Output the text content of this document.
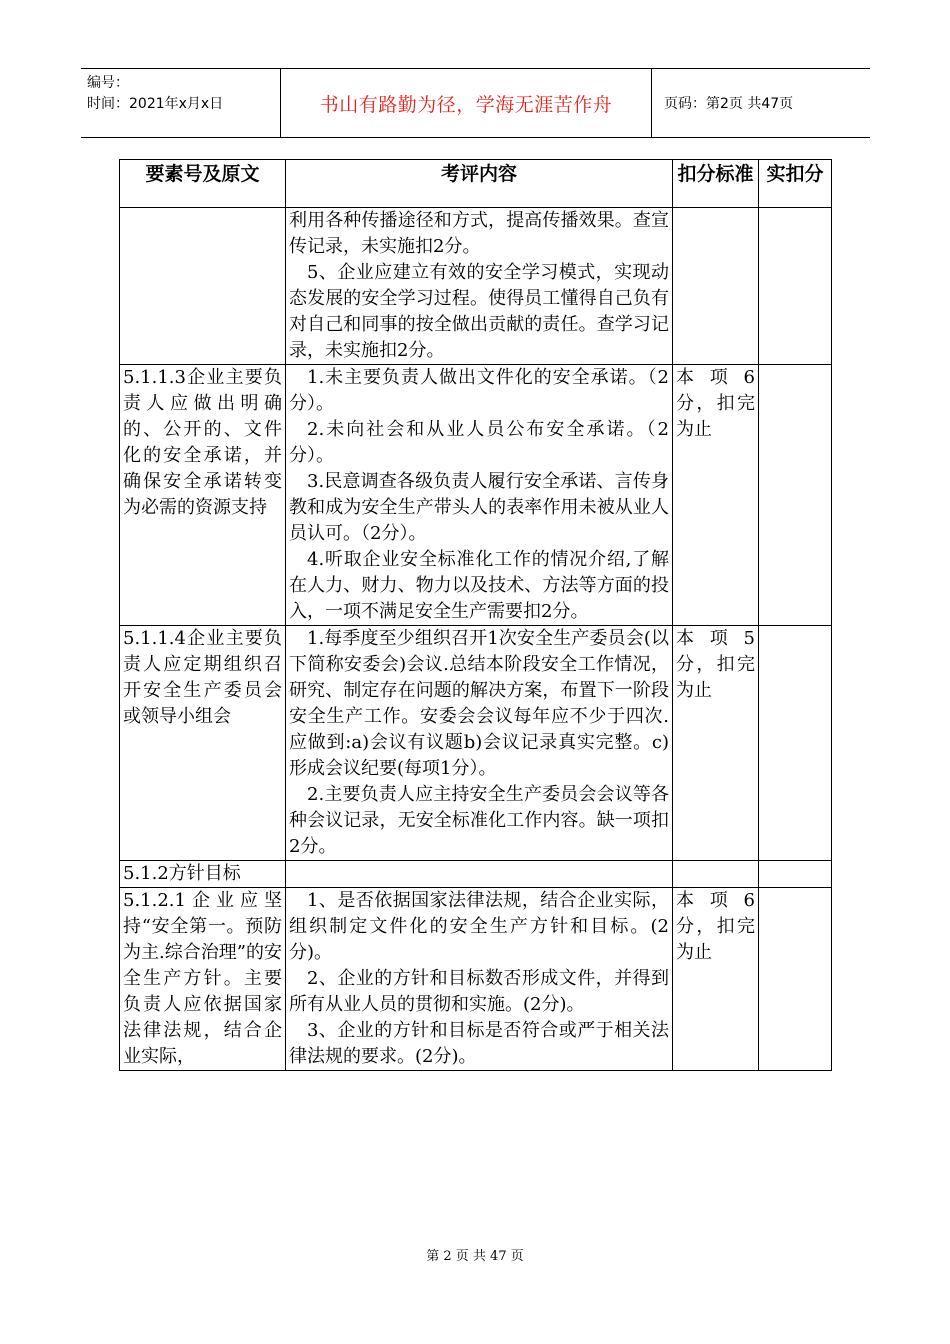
编号：
时间：2021年x月x日	书山有路勤为径，学海无涯苦作舟	页码：第2页 共47页
要素号及原文	考评内容	扣分标准	实扣分

	利用各种传播途径和方式，提高传播效果。查宣传记录，未实施扣2分。

5、企业应建立有效的安全学习模式，实现动态发展的安全学习过程。使得员工懂得自己负有对自己和同事的按全做出贡献的责任。查学习记录，未实施扣2分。		

5.1.1.3企业主要负责人应做出明确的、公开的、文件化的安全承诺，并确保安全承诺转变为必需的资源支持	1.未主要负责人做出文件化的安全承诺。（2分）。

2.未向社会和从业人员公布安全承诺。（2分）。

3.民意调查各级负责人履行安全承诺、言传身教和成为安全生产带头人的表率作用未被从业人员认可。（2分）。

4.听取企业安全标准化工作的情况介绍,了解在人力、财力、物力以及技术、方法等方面的投入，一项不满足安全生产需要扣2分。	本项6分，扣完为止	
5.1.1.4企业主要负责人应定期组织召开安全生产委员会或领导小组会	1.每季度至少组织召开1次安全生产委员会(以下简称安委会)会议.总结本阶段安全工作情况，研究、制定存在问题的解决方案，布置下一阶段安全生产工作。安委会会议每年应不少于四次.应做到:a)会议有议题b)会议记录真实完整。c)形成会议纪要(每项1分）。

2.主要负责人应主持安全生产委员会会议等各种会议记录，无安全标准化工作内容。缺一项扣2分。	本项5分，扣完为止	
5.1.2方针目标			
5.1.2.1企业应坚持“安全第一。预防为主.综合治理”的安全生产方针。主要负责人应依据国家法律法规，结合企业实际，	1、是否依据国家法律法规，结合企业实际，组织制定文件化的安全生产方针和目标。(2分)。

2、企业的方针和目标数否形成文件，并得到所有从业人员的贯彻和实施。(2分)。

3、企业的方针和目标是否符合或严于相关法律法规的要求。(2分)。	本项6分，扣完为止	
第 2 页 共 47 页
